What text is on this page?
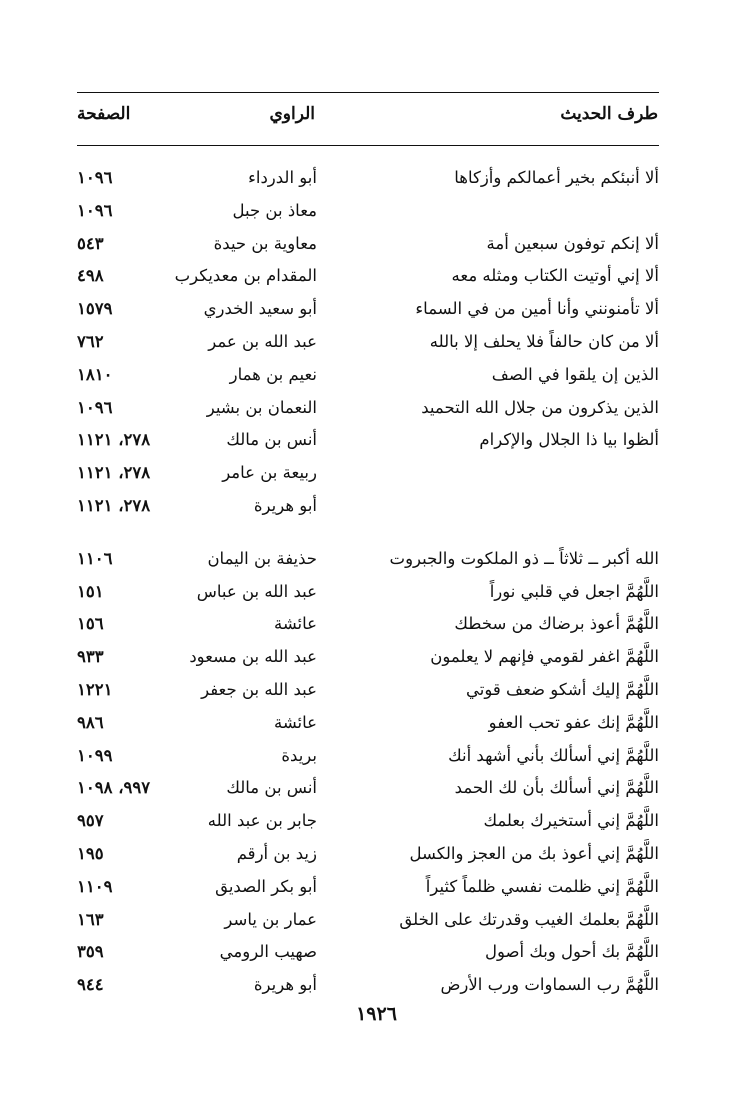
طرف الحديث
الراوي
الصفحة
ألا أنبئكم بخير أعمالكم وأزكاها
أبو الدرداء
١٠٩٦
معاذ بن جبل
١٠٩٦
ألا إنكم توفون سبعين أمة
معاوية بن حيدة
٥٤٣
ألا إني أوتيت الكتاب ومثله معه
المقدام بن معديكرب
٤٩٨
ألا تأمنونني وأنا أمين من في السماء
أبو سعيد الخدري
١٥٧٩
ألا من كان حالفاً فلا يحلف إلا بالله
عبد الله بن عمر
٧٦٢
الذين إن يلقوا في الصف
نعيم بن همار
١٨١٠
الذين يذكرون من جلال الله التحميد
النعمان بن بشير
١٠٩٦
ألظوا بيا ذا الجلال والإكرام
أنس بن مالك
٢٧٨، ١١٢١
ربيعة بن عامر
٢٧٨، ١١٢١
أبو هريرة
٢٧٨، ١١٢١
الله أكبر ــ ثلاثاً ــ ذو الملكوت والجبروت
حذيفة بن اليمان
١١٠٦
اللَّهُمَّ اجعل في قلبي نوراً
عبد الله بن عباس
١٥١
اللَّهُمَّ أعوذ برضاك من سخطك
عائشة
١٥٦
اللَّهُمَّ اغفر لقومي فإنهم لا يعلمون
عبد الله بن مسعود
٩٣٣
اللَّهُمَّ إليك أشكو ضعف قوتي
عبد الله بن جعفر
١٢٢١
اللَّهُمَّ إنك عفو تحب العفو
عائشة
٩٨٦
اللَّهُمَّ إني أسألك بأني أشهد أنك
بريدة
١٠٩٩
اللَّهُمَّ إني أسألك بأن لك الحمد
أنس بن مالك
٩٩٧، ١٠٩٨
اللَّهُمَّ إني أستخيرك بعلمك
جابر بن عبد الله
٩٥٧
اللَّهُمَّ إني أعوذ بك من العجز والكسل
زيد بن أرقم
١٩٥
اللَّهُمَّ إني ظلمت نفسي ظلماً كثيراً
أبو بكر الصديق
١١٠٩
اللَّهُمَّ بعلمك الغيب وقدرتك على الخلق
عمار بن ياسر
١٦٣
اللَّهُمَّ بك أحول وبك أصول
صهيب الرومي
٣٥٩
اللَّهُمَّ رب السماوات ورب الأرض
أبو هريرة
٩٤٤
١٩٢٦
